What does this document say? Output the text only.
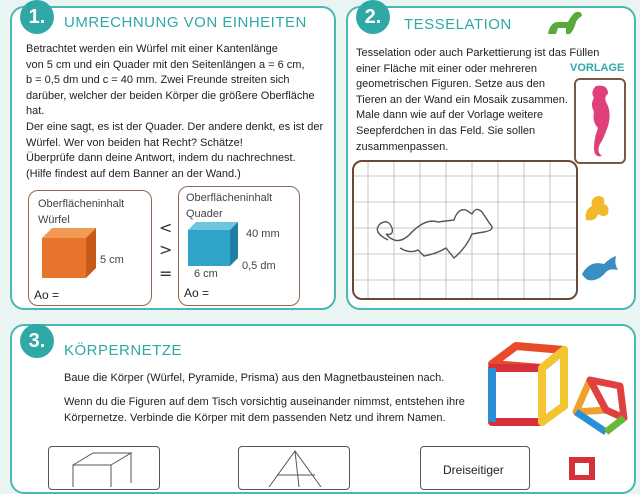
1.	UMRECHNUNG VON EINHEITEN
Betrachtet werden ein Würfel mit einer Kantenlänge
von 5 cm und ein Quader mit den Seitenlängen a = 6 cm,
b = 0,5 dm und c = 40 mm. Zwei Freunde streiten sich
darüber, welcher der beiden Körper die größere Oberfläche
hat.
Der eine sagt, es ist der Quader. Der andere denkt, es ist der
Würfel. Wer von beiden hat Recht? Schätze!
Überprüfe dann deine Antwort, indem du nachrechnest.
(Hilfe findest auf dem Banner an der Wand.)
Oberflächeninhalt
Würfel
5 cm
Ao =
<
>
=
Oberflächeninhalt
Quader
40 mm
0,5 dm
6 cm
Ao =
2.	TESSELATION
VORLAGE
Tesselation oder auch Parkettierung ist das Füllen
einer Fläche mit einer oder mehreren
geometrischen Figuren. Setze aus den
Tieren an der Wand ein Mosaik zusammen.
Male dann wie auf der Vorlage weitere
Seepferdchen in das Feld. Sie sollen
zusammenpassen.
3.	KÖRPERNETZE
Baue die Körper (Würfel, Pyramide, Prisma) aus den Magnetbausteinen nach.
Wenn du die Figuren auf dem Tisch vorsichtig auseinander nimmst, entstehen ihre
Körpernetze. Verbinde die Körper mit dem passenden Netz und ihrem Namen.
Dreiseitiger
